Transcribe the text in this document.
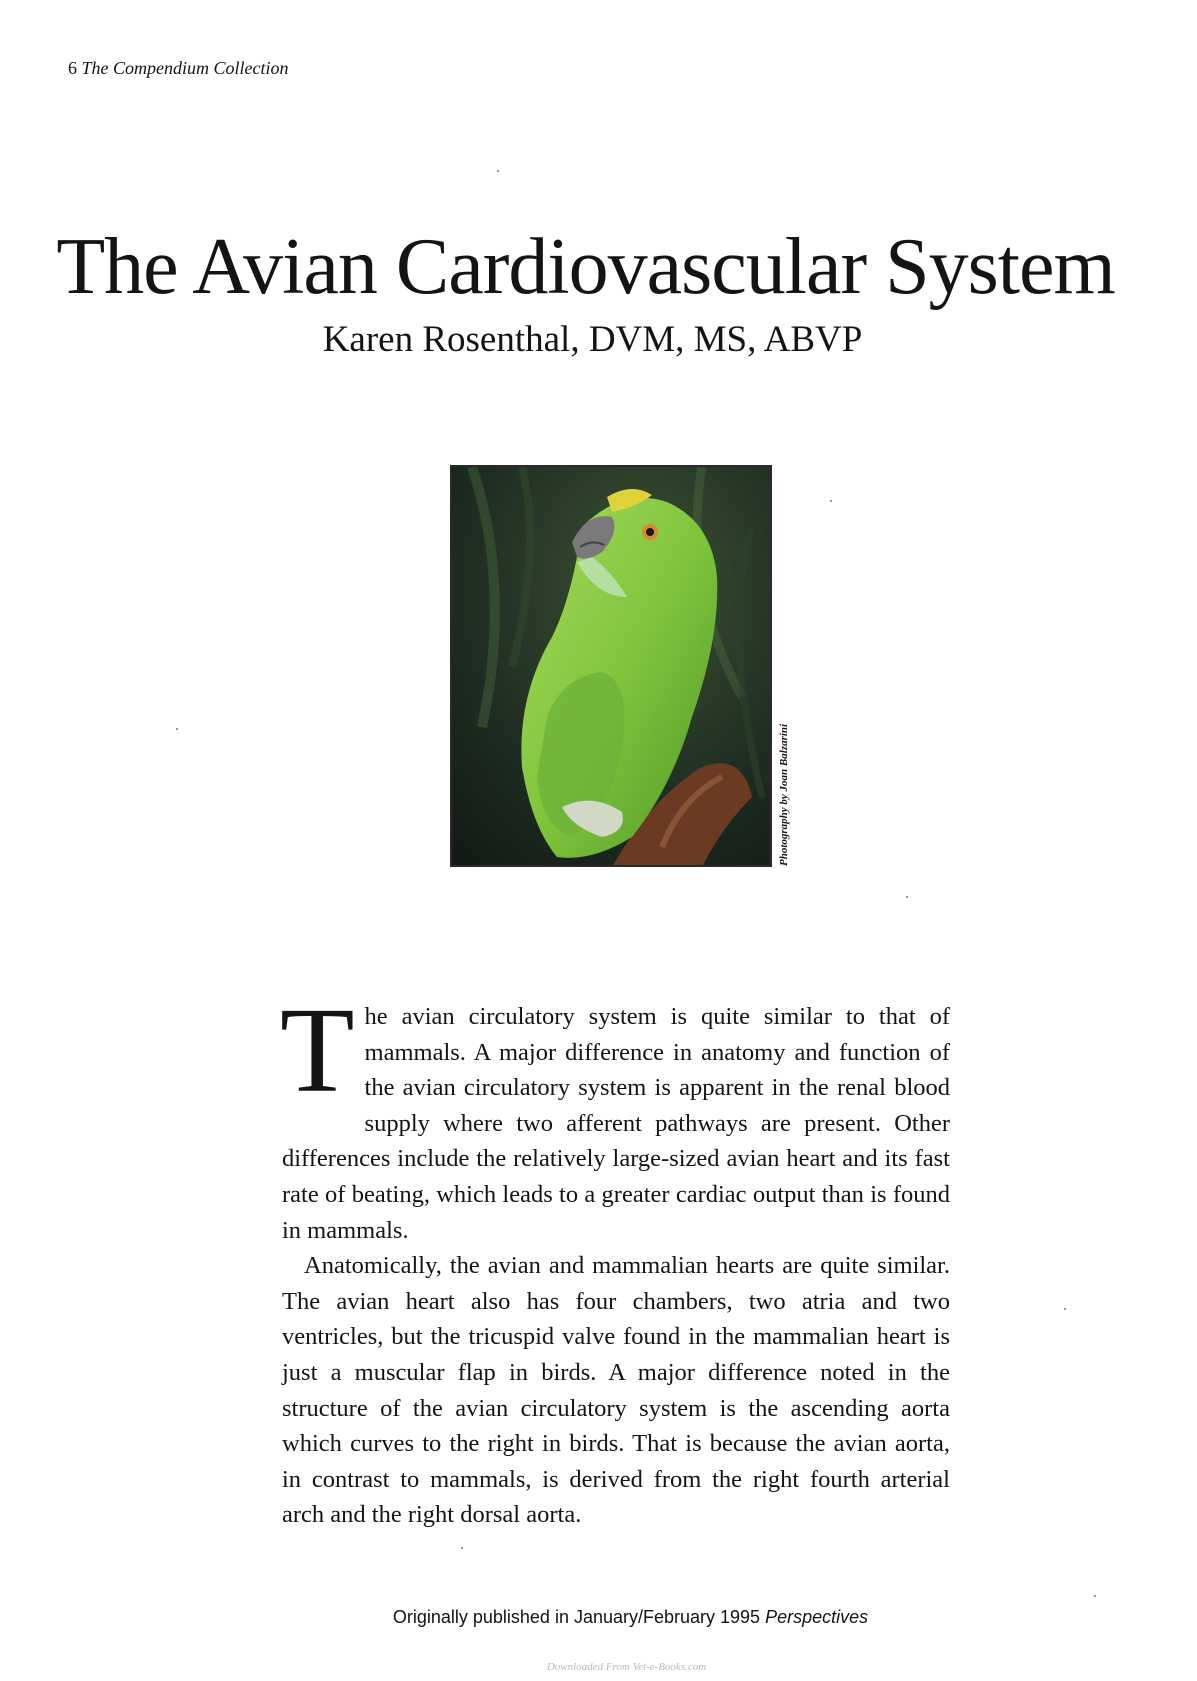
6 The Compendium Collection
The Avian Cardiovascular System
Karen Rosenthal, DVM, MS, ABVP
Photography by Joan Balzarini

The avian circulatory system is quite similar to that of mammals. A major difference in anatomy and function of the avian circulatory system is apparent in the renal blood supply where two afferent pathways are present. Other differences include the relatively large-sized avian heart and its fast rate of beating, which leads to a greater cardiac output than is found in mammals.

Anatomically, the avian and mammalian hearts are quite similar. The avian heart also has four chambers, two atria and two ventricles, but the tricuspid valve found in the mammalian heart is just a muscular flap in birds. A major difference noted in the structure of the avian circulatory system is the ascending aorta which curves to the right in birds. That is because the avian aorta, in contrast to mammals, is derived from the right fourth arterial arch and the right dorsal aorta.

Originally published in January/February 1995 Perspectives
Downloaded From Vet-e-Books.com
